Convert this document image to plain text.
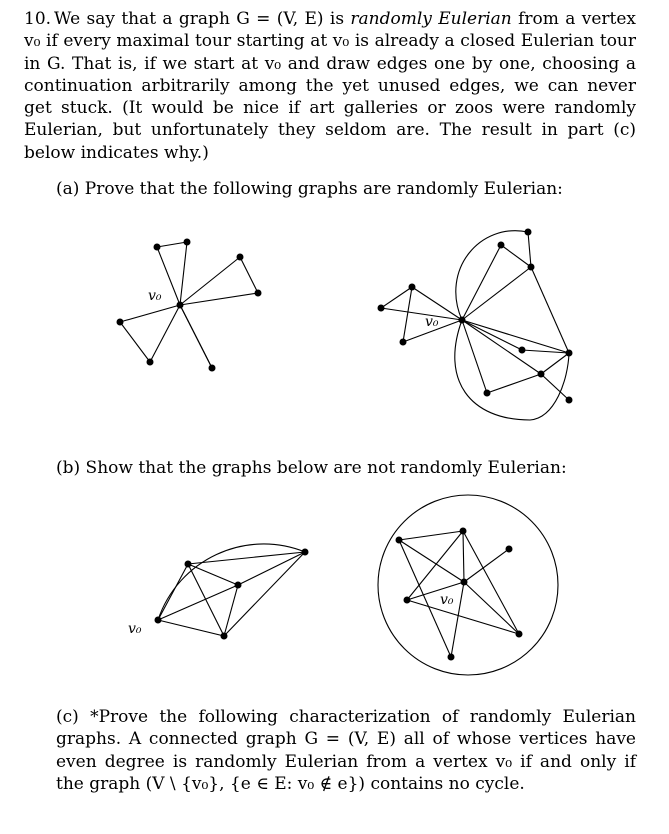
10. We say that a graph G = (V, E) is randomly Eulerian from a vertex v₀ if every maximal tour starting at v₀ is already a closed Eulerian tour in G. That is, if we start at v₀ and draw edges one by one, choosing a continuation arbitrarily among the yet unused edges, we can never get stuck. (It would be nice if art galleries or zoos were randomly Eulerian, but unfortunately they seldom are. The result in part (c) below indicates why.)

(a) Prove that the following graphs are randomly Eulerian:

(b) Show that the graphs below are not randomly Eulerian:

(c) *Prove the following characterization of randomly Eulerian graphs. A connected graph G = (V, E) all of whose vertices have even degree is randomly Eulerian from a vertex v₀ if and only if the graph (V \ {v₀}, {e ∈ E: v₀ ∉ e}) contains no cycle.

v₀
v₀
v₀
v₀
